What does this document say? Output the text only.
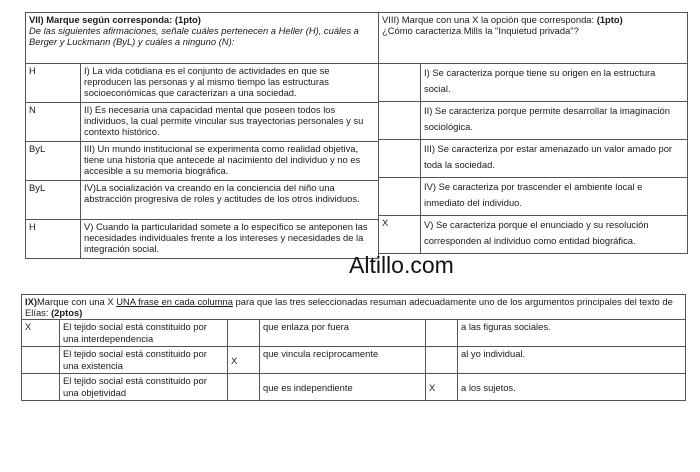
VII) Marque según corresponda: (1pto)
De las siguientes afirmaciones, señale cuáles pertenecen a Heller (H), cuáles a Berger y Luckmann (ByL) y cuáles a ninguno (N):	
H	I) La vida cotidiana es el conjunto de actividades en que se reproducen las personas y al mismo tiempo las estructuras socioeconómicas que caracterizan a una sociedad.
N	II) Es necesaria una capacidad mental que poseen todos los individuos, la cual permite vincular sus trayectorias personales y su contexto histórico.
ByL	III) Un mundo institucional se experimenta como realidad objetiva, tiene una historia que antecede al nacimiento del individuo y no es accesible a su memoria biográfica.
ByL	IV)La socialización va creando en la conciencia del niño una abstracción progresiva de roles y actitudes de los otros individuos.
H	V) Cuando la particularidad somete a lo específico se anteponen las necesidades individuales frente a los intereses y necesidades de la integración social.
VIII) Marque con una X la opción que corresponda: (1pto)
¿Cómo caracteriza Mills la "Inquietud privada"?	
	I) Se caracteriza porque tiene su origen en la estructura social.
	II) Se caracteriza porque permite desarrollar la imaginación sociológica.
	III) Se caracteriza por estar amenazado un valor amado por toda la sociedad.
	IV) Se caracteriza por trascender el ambiente local e inmediato del individuo.
X	V) Se caracteriza porque el enunciado y su resolución corresponden al individuo como entidad biográfica.
Altillo.com
IX)Marque con una X UNA frase en cada columna para que las tres seleccionadas resuman adecuadamente uno de los argumentos principales del texto de Elías: (2ptos)					
X	El tejido social está constituido por una interdependencia		que enlaza por fuera		a las figuras sociales.
	El tejido social está constituido por una existencia	X	que vincula recíprocamente		al yo individual.
	El tejido social está constituido por una objetividad		que es independiente	X	a los sujetos.
